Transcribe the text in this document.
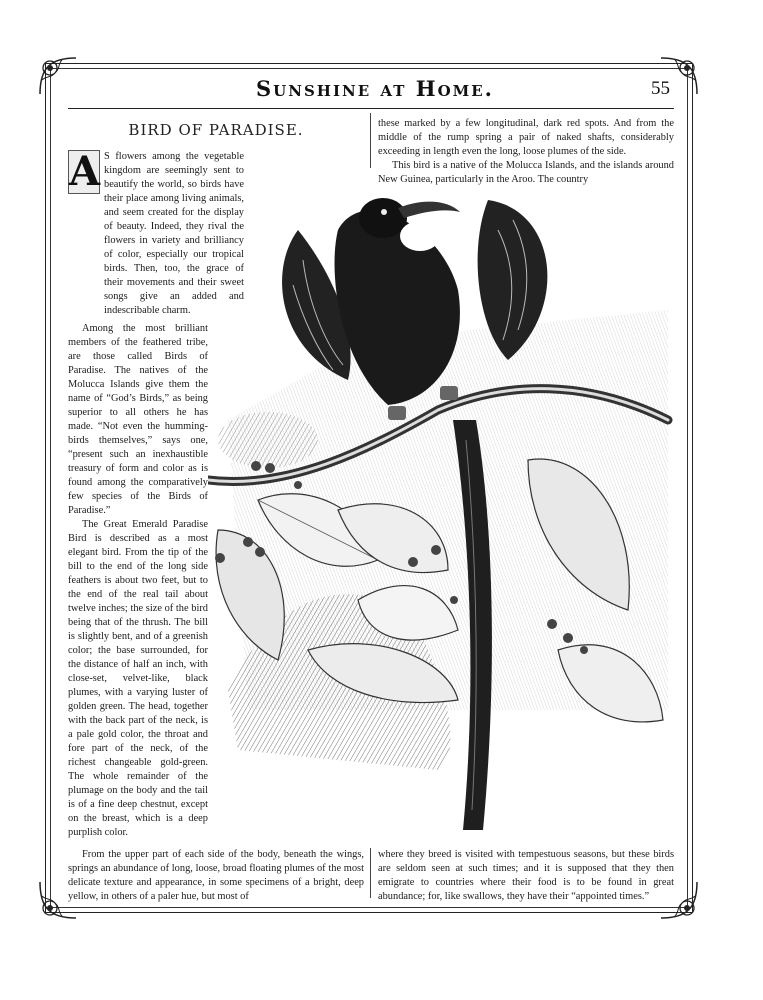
Sunshine at Home.	55
BIRD OF PARADISE.

A S flowers among the vegetable kingdom are seemingly sent to beautify the world, so birds have their place among living animals, and seem created for the display of beauty. Indeed, they rival the flowers in variety and brilliancy of color, especially our tropical birds. Then, too, the grace of their movements and their sweet songs give an added and indescribable charm.

Among the most brilliant members of the feathered tribe, are those called Birds of Paradise. The natives of the Molucca Islands give them the name of “God’s Birds,” as being superior to all others he has made. “Not even the humming-birds themselves,” says one, “present such an inexhaustible treasury of form and color as is found among the comparatively few species of the Birds of Paradise.”

The Great Emerald Paradise Bird is described as a most elegant bird. From the tip of the bill to the end of the long side feathers is about two feet, but to the end of the real tail about twelve inches; the size of the bird being that of the thrush. The bill is slightly bent, and of a greenish color; the base surrounded, for the distance of half an inch, with close-set, velvet-like, black plumes, with a varying luster of golden green. The head, together with the back part of the neck, is a pale gold color, the throat and fore part of the neck, of the richest changeable gold-green. The whole remainder of the plumage on the body and the tail is of a fine deep chestnut, except on the breast, which is a deep purplish color.

these marked by a few longitudinal, dark red spots. And from the middle of the rump spring a pair of naked shafts, considerably exceeding in length even the long, loose plumes of the side.

This bird is a native of the Molucca Islands, and the islands around New Guinea, particularly in the Aroo. The country

From the upper part of each side of the body, beneath the wings, springs an abundance of long, loose, broad floating plumes of the most delicate texture and appearance, in some specimens of a bright, deep yellow, in others of a paler hue, but most of

where they breed is visited with tempestuous seasons, but these birds are seldom seen at such times; and it is supposed that they then emigrate to countries where their food is to be found in great abundance; for, like swallows, they have their “appointed times.”
